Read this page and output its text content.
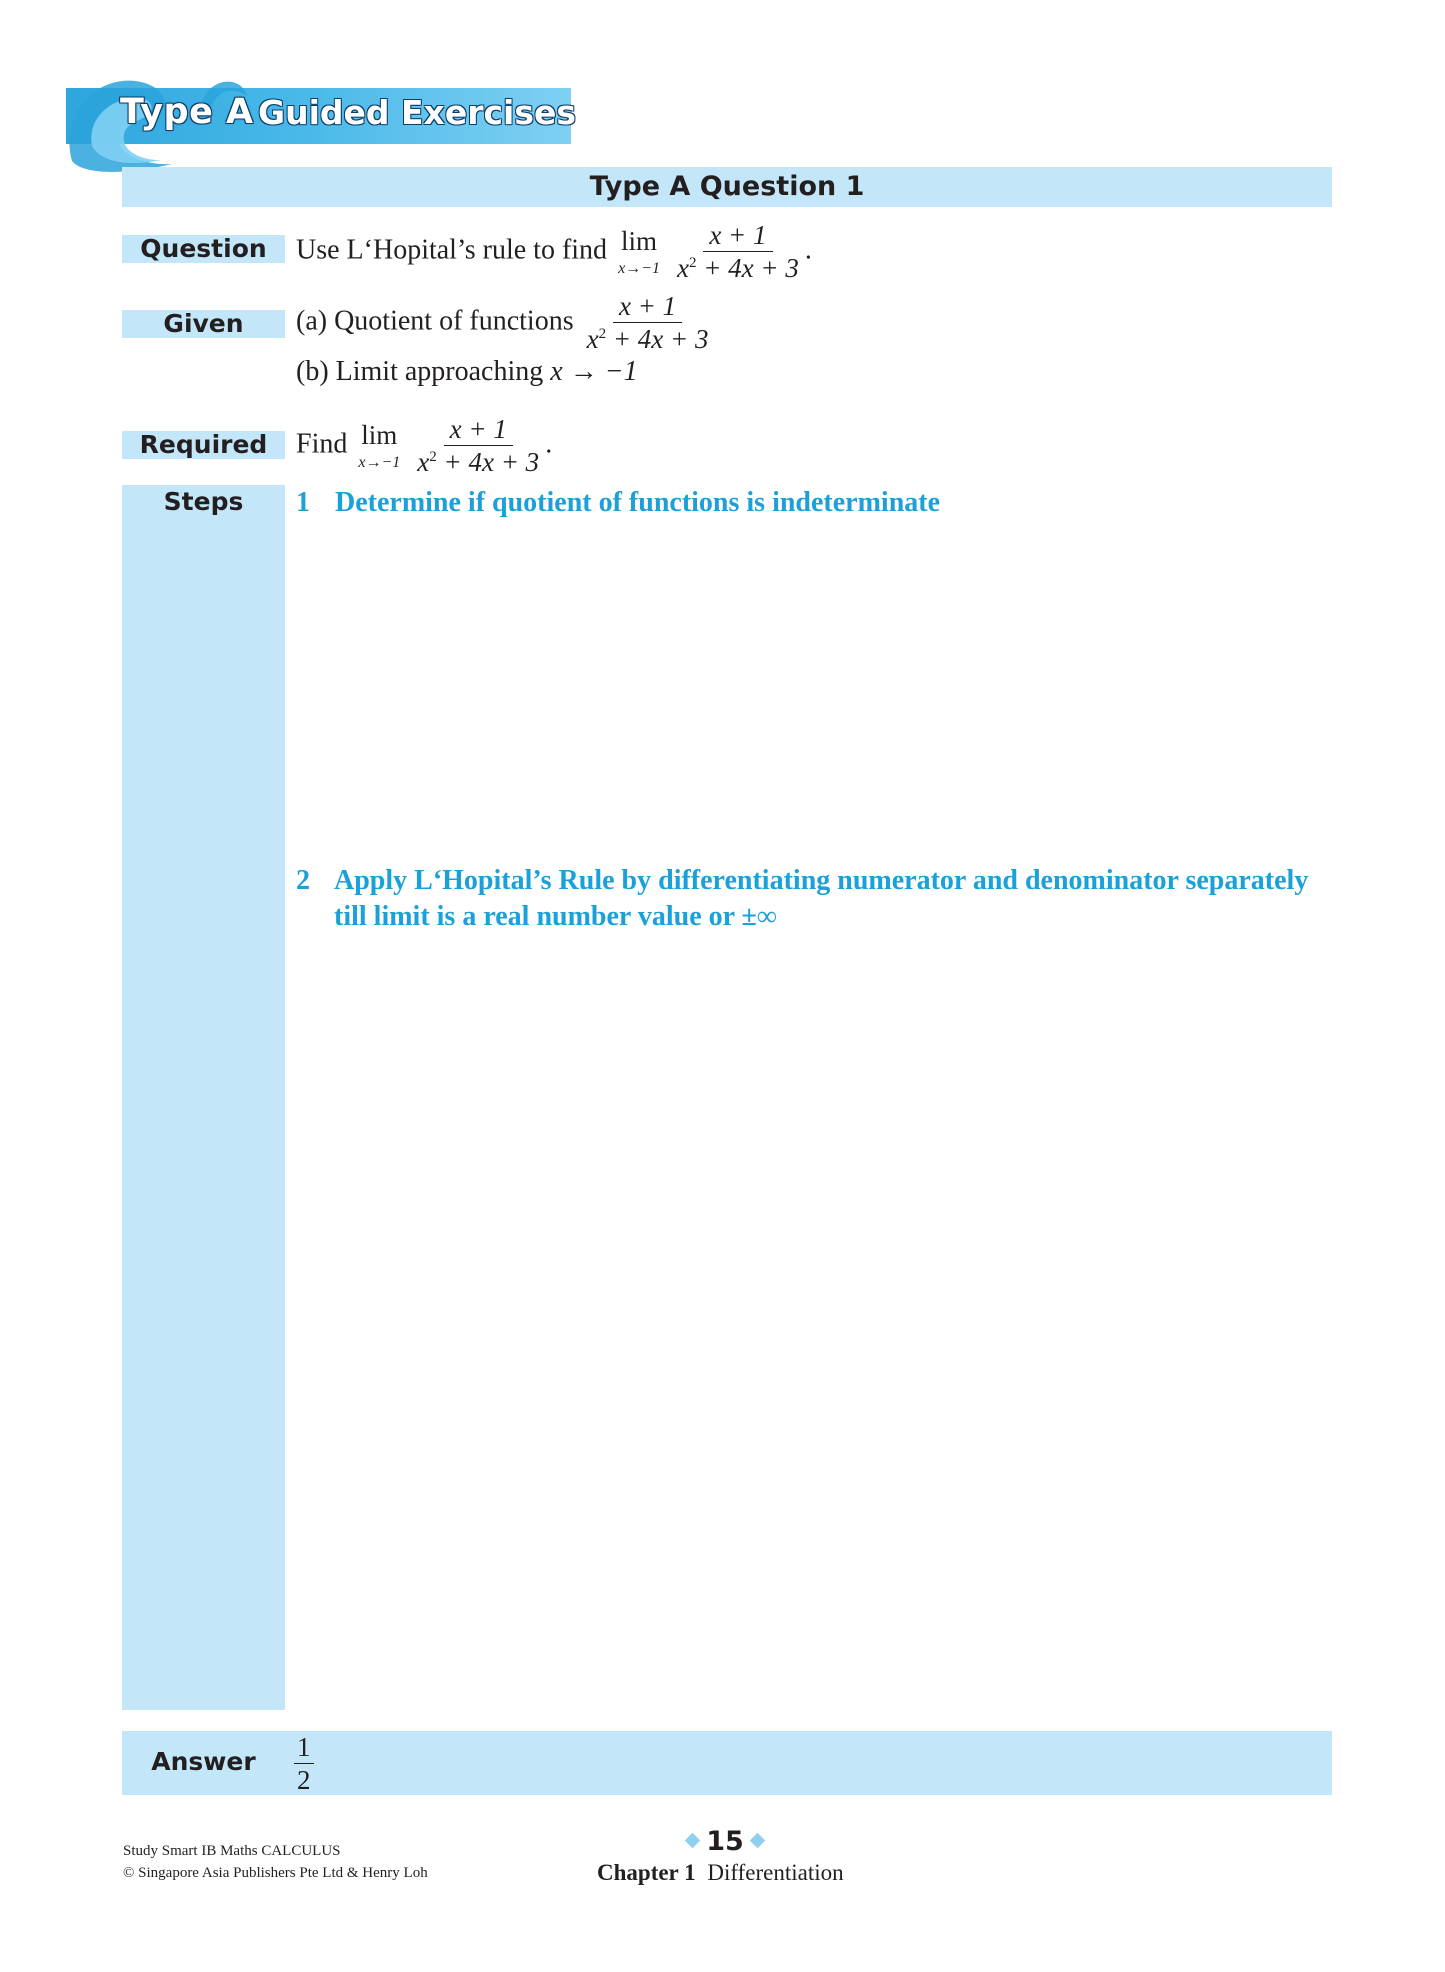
Type A Guided Exercises
Type A Question 1
Question	Use L‘Hopital’s rule to find lim
x→−1
$\frac{x + 1}{x^2 + 4x + 3}$ .
Given	(a) Quotient of functions $\frac{x + 1}{x^2 + 4x + 3}$
(b) Limit approaching x → −1
Required	Find lim
x→−1
$\frac{x + 1}{x^2 + 4x + 3}$ .
Steps	1 Determine if quotient of functions is indeterminate
2 Apply L‘Hopital’s Rule by differentiating numerator and denominator separately
till limit is a real number value or ±∞
Answer	$\frac{1}{2}$
Study Smart IB Maths CALCULUS
© Singapore Asia Publishers Pte Ltd & Henry Loh
15
Chapter 1 Differentiation
